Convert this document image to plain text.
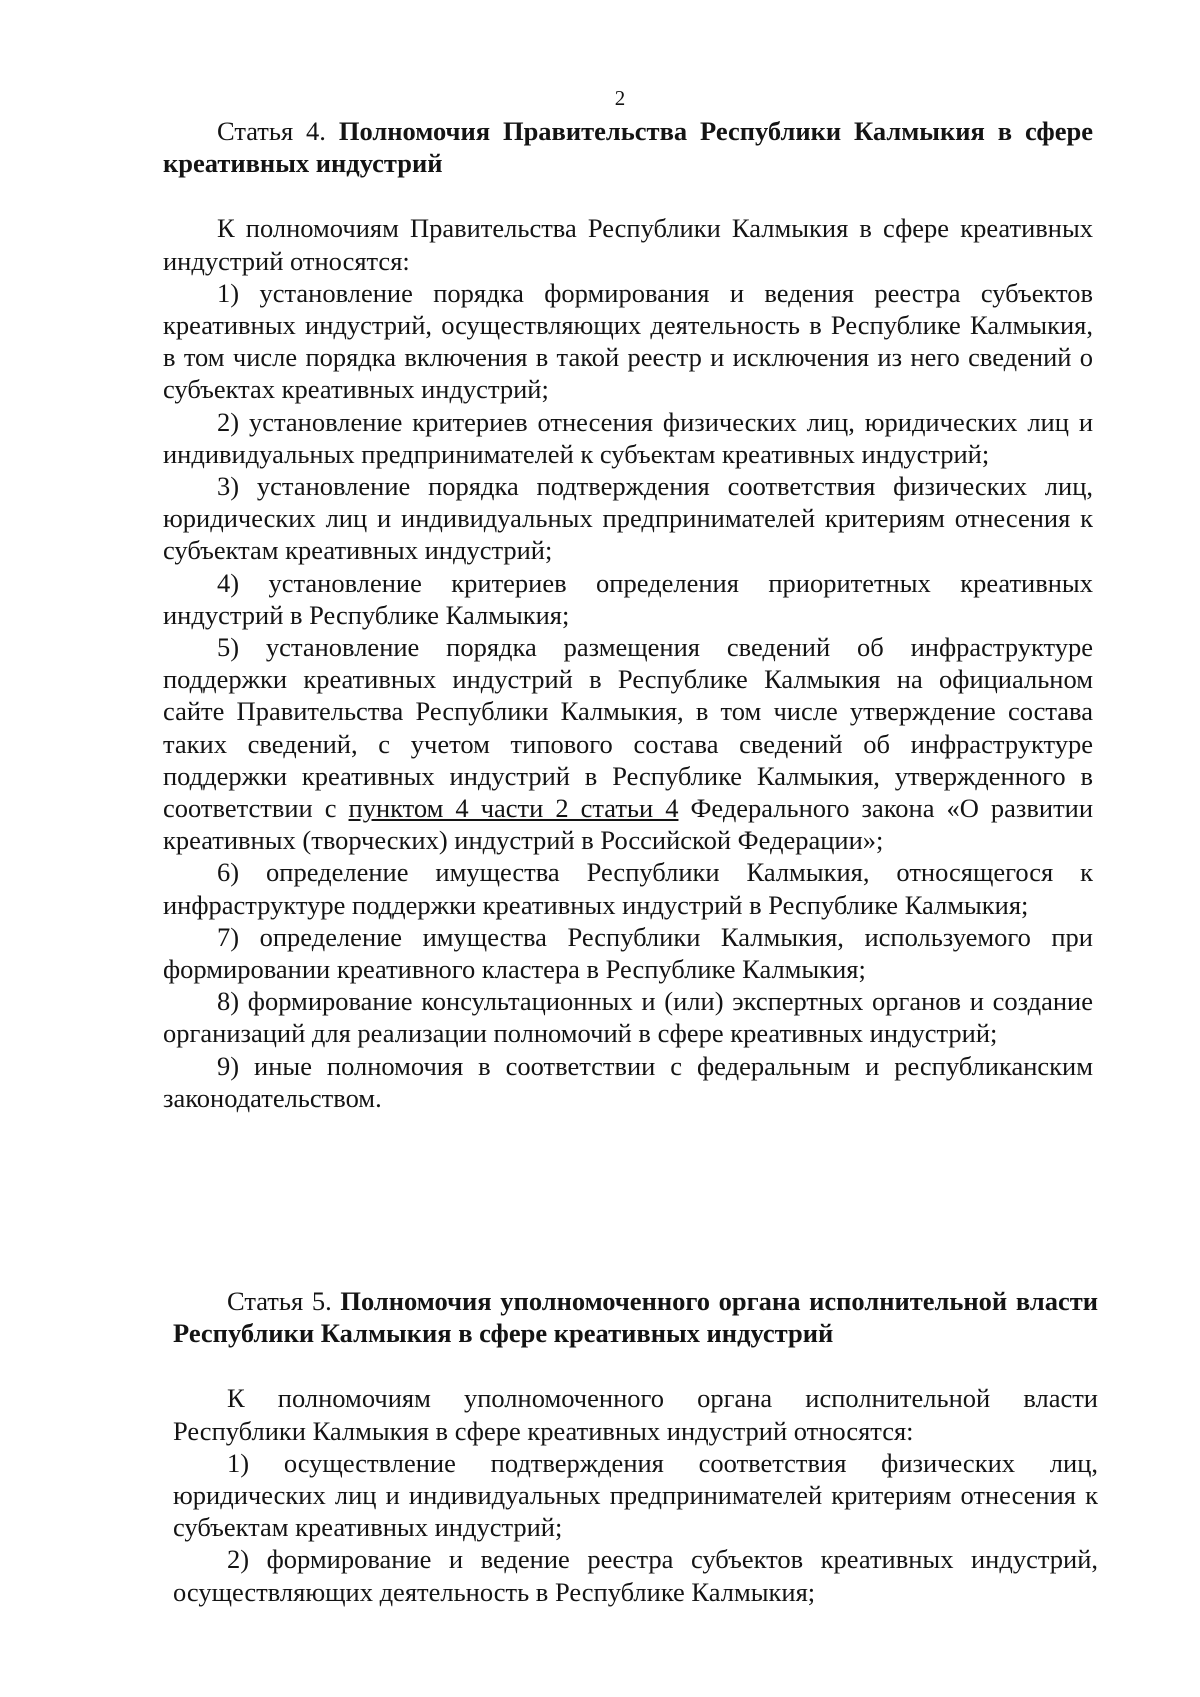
2

Статья 4. Полномочия Правительства Республики Калмыкия в сфере креативных индустрий

К полномочиям Правительства Республики Калмыкия в сфере креативных индустрий относятся:

1) установление порядка формирования и ведения реестра субъектов креативных индустрий, осуществляющих деятельность в Республике Калмыкия, в том числе порядка включения в такой реестр и исключения из него сведений о субъектах креативных индустрий;

2) установление критериев отнесения физических лиц, юридических лиц и индивидуальных предпринимателей к субъектам креативных индустрий;

3) установление порядка подтверждения соответствия физических лиц, юридических лиц и индивидуальных предпринимателей критериям отнесения к субъектам креативных индустрий;

4) установление критериев определения приоритетных креативных индустрий в Республике Калмыкия;

5) установление порядка размещения сведений об инфраструктуре поддержки креативных индустрий в Республике Калмыкия на официальном сайте Правительства Республики Калмыкия, в том числе утверждение состава таких сведений, с учетом типового состава сведений об инфраструктуре поддержки креативных индустрий в Республике Калмыкия, утвержденного в соответствии с пунктом 4 части 2 статьи 4 Федерального закона «О развитии креативных (творческих) индустрий в Российской Федерации»;

6) определение имущества Республики Калмыкия, относящегося к инфраструктуре поддержки креативных индустрий в Республике Калмыкия;

7) определение имущества Республики Калмыкия, используемого при формировании креативного кластера в Республике Калмыкия;

8) формирование консультационных и (или) экспертных органов и создание организаций для реализации полномочий в сфере креативных индустрий;

9) иные полномочия в соответствии с федеральным и республиканским законодательством.

Статья 5. Полномочия уполномоченного органа исполнительной власти Республики Калмыкия в сфере креативных индустрий

К полномочиям уполномоченного органа исполнительной власти Республики Калмыкия в сфере креативных индустрий относятся:

1) осуществление подтверждения соответствия физических лиц, юридических лиц и индивидуальных предпринимателей критериям отнесения к субъектам креативных индустрий;

2) формирование и ведение реестра субъектов креативных индустрий, осуществляющих деятельность в Республике Калмыкия;
